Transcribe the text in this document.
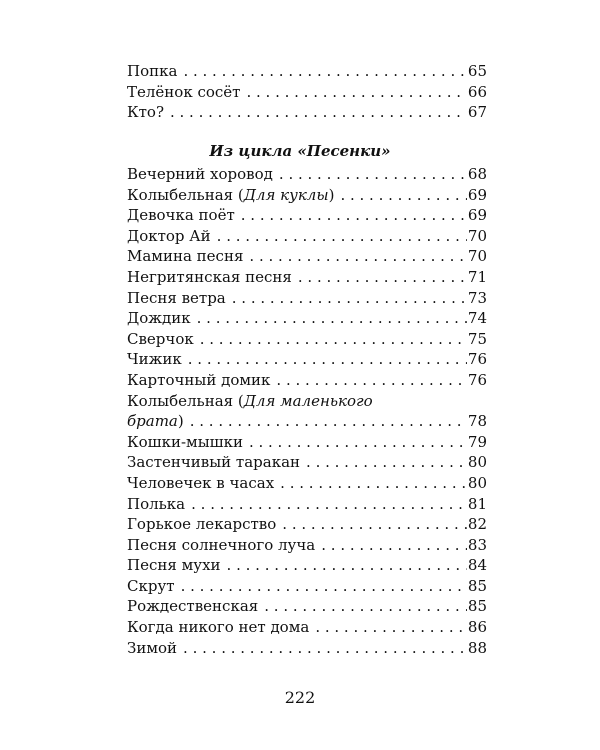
Попка . . .	65
Телёнок сосёт . . .	66
Кто? . . .	67
Из цикла «Песенки»
Вечерний хоровод . . .	68
Колыбельная (Для куклы) . . .	69
Девочка поёт . . .	69
Доктор Ай . . .	70
Мамина песня . . .	70
Негритянская песня . . .	71
Песня ветра . . .	73
Дождик . . .	74
Сверчок . . .	75
Чижик . . .	76
Карточный домик . . .	76
Колыбельная (Для маленького
брата) . . .	78
Кошки-мышки . . .	79
Застенчивый таракан . . .	80
Человечек в часах . . .	80
Полька . . .	81
Горькое лекарство . . .	82
Песня солнечного луча . . .	83
Песня мухи . . .	84
Скрут . . .	85
Рождественская . . .	85
Когда никого нет дома . . .	86
Зимой . . .	88
222
